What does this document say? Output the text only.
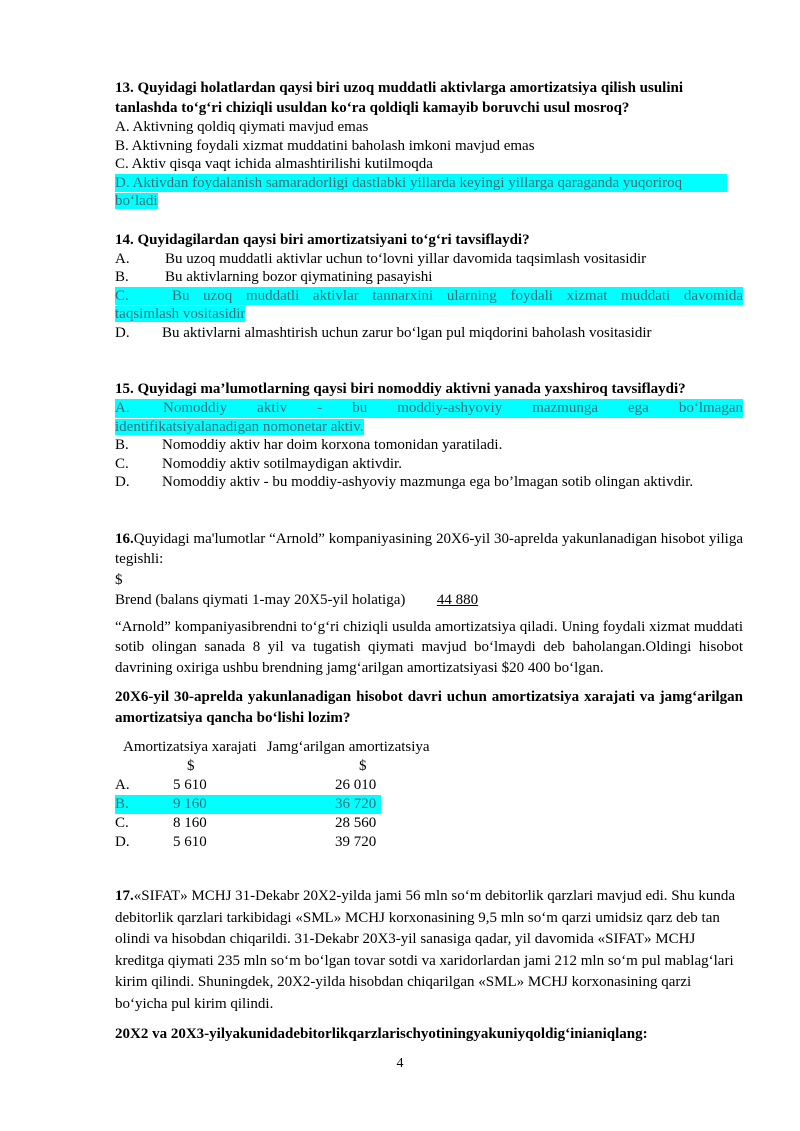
13. Quyidagi holatlardan qaysi biri uzoq muddatli aktivlarga amortizatsiya qilish usulini tanlashda to‘g‘ri chiziqli usuldan ko‘ra qoldiqli kamayib boruvchi usul mosroq?
A. Aktivning qoldiq qiymati mavjud emas
B. Aktivning foydali xizmat muddatini baholash imkoni mavjud emas
C. Aktiv qisqa vaqt ichida almashtirilishi kutilmoqda
D. Aktivdan foydalanish samaradorligi dastlabki yillarda keyingi yillarga qaraganda yuqoriroq
bo‘ladi
14. Quyidagilardan qaysi biri amortizatsiyani to‘g‘ri tavsiflaydi?
A.	Bu uzoq muddatli aktivlar uchun to‘lovni yillar davomida taqsimlash vositasidir
B.	Bu aktivlarning bozor qiymatining pasayishi
C.	Bu uzoq muddatli aktivlar tannarxini ularning foydali xizmat muddati davomida
taqsimlash vositasidir
D.	Bu aktivlarni almashtirish uchun zarur bo‘lgan pul miqdorini baholash vositasidir
15. Quyidagi ma’lumotlarning qaysi biri nomoddiy aktivni yanada yaxshiroq tavsiflaydi?
A.	Nomoddiy aktiv - bu moddiy-ashyoviy mazmunga ega bo‘lmagan
identifikatsiyalanadigan nomonetar aktiv.
B.	Nomoddiy aktiv har doim korxona tomonidan yaratiladi.
C.	Nomoddiy aktiv sotilmaydigan aktivdir.
D.	Nomoddiy aktiv - bu moddiy-ashyoviy mazmunga ega bo’lmagan sotib olingan aktivdir.
16.Quyidagi ma'lumotlar “Arnold” kompaniyasining 20X6-yil 30-aprelda yakunlanadigan hisobot yiliga tegishli:
$
Brend (balans qiymati 1-may 20X5-yil holatiga) 44 880
“Arnold” kompaniyasibrendni to‘g‘ri chiziqli usulda amortizatsiya qiladi. Uning foydali xizmat muddati sotib olingan sanada 8 yil va tugatish qiymati mavjud bo‘lmaydi deb baholangan.Oldingi hisobot davrining oxiriga ushbu brendning jamg‘arilgan amortizatsiyasi $20 400 bo‘lgan.
20X6-yil 30-aprelda yakunlanadigan hisobot davri uchun amortizatsiya xarajati va jamg‘arilgan amortizatsiya qancha bo‘lishi lozim?
Amortizatsiya xarajati Jamg‘arilgan amortizatsiya
$	$
A.	5 610	26 010
B.	9 160	36 720
C.	8 160	28 560
D.	5 610	39 720
17.«SIFAT» MCHJ 31-Dekabr 20X2-yilda jami 56 mln so‘m debitorlik qarzlari mavjud edi. Shu kunda debitorlik qarzlari tarkibidagi «SML» MCHJ korxonasining 9,5 mln so‘m qarzi umidsiz qarz deb tan olindi va hisobdan chiqarildi. 31-Dekabr 20X3-yil sanasiga qadar, yil davomida «SIFAT» MCHJ kreditga qiymati 235 mln so‘m bo‘lgan tovar sotdi va xaridorlardan jami 212 mln so‘m pul mablag‘lari kirim qilindi. Shuningdek, 20X2-yilda hisobdan chiqarilgan «SML» MCHJ korxonasining qarzi bo‘yicha pul kirim qilindi.
20X2 va 20X3-yilyakunidadebitorlikqarzlarischyotiningyakuniyqoldig‘inianiqlang:
4
